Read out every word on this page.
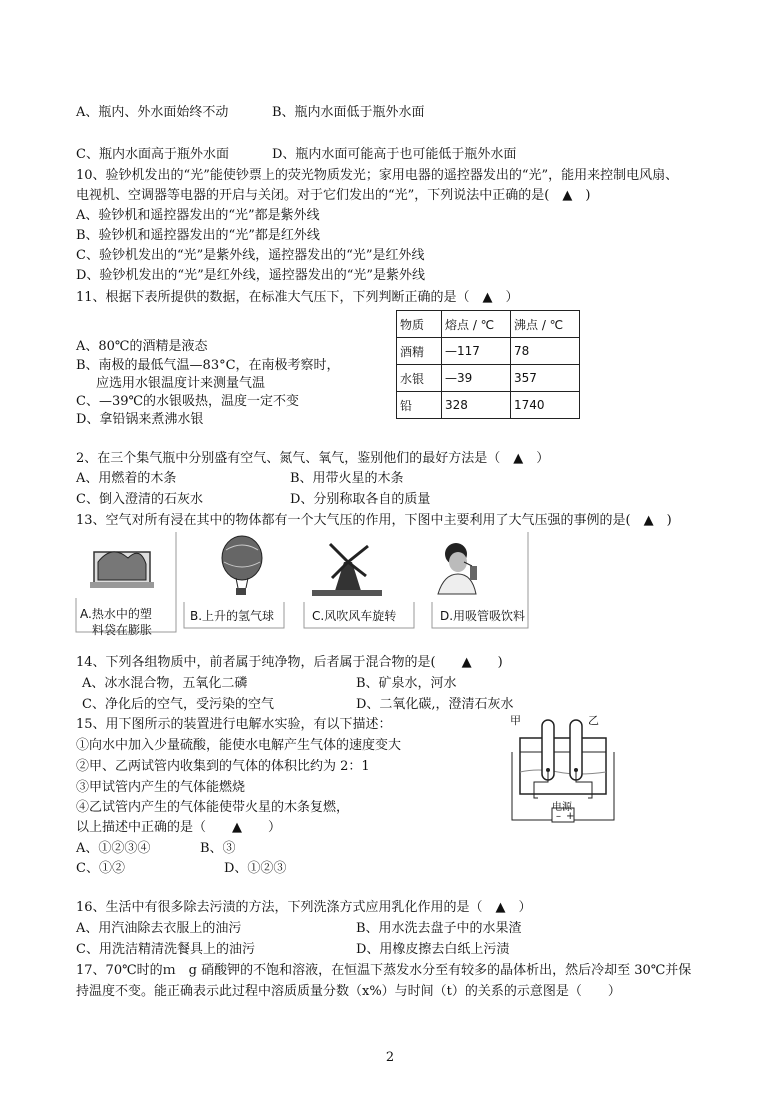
A、瓶内、外水面始终不动	B、瓶内水面低于瓶外水面
C、瓶内水面高于瓶外水面	D、瓶内水面可能高于也可能低于瓶外水面
10、验钞机发出的“光”能使钞票上的荧光物质发光；家用电器的遥控器发出的“光”，能用来控制电风扇、
电视机、空调器等电器的开启与关闭。对于它们发出的“光”，下列说法中正确的是(　▲　)
A、验钞机和遥控器发出的“光”都是紫外线
B、验钞机和遥控器发出的“光”都是红外线
C、验钞机发出的“光”是紫外线，遥控器发出的“光”是红外线
D、验钞机发出的“光”是红外线，遥控器发出的“光”是紫外线
11、根据下表所提供的数据，在标准大气压下，下列判断正确的是（　▲　）
A、80℃的酒精是液态
B、南极的最低气温—83°C，在南极考察时，
应选用水银温度计来测量气温
C、—39℃的水银吸热，温度一定不变
D、拿铅锅来煮沸水银
物质	熔点 / ℃	沸点 / ℃
酒精	—117	78
水银	—39	357
铅	328	1740
2、在三个集气瓶中分别盛有空气、氮气、氧气，鉴别他们的最好方法是（　▲　）
A、用燃着的木条	B、用带火星的木条
C、倒入澄清的石灰水	D、分别称取各自的质量
13、空气对所有浸在其中的物体都有一个大气压的作用，下图中主要利用了大气压强的事例的是(　▲　)
A.热水中的塑
料袋在膨胀
B.上升的氢气球	C.风吹风车旋转	D.用吸管吸饮料
14、下列各组物质中，前者属于纯净物，后者属于混合物的是(　　▲　　)
A、冰水混合物，五氧化二磷	B、矿泉水，河水
C、净化后的空气，受污染的空气	D、二氧化碳,，澄清石灰水
15、用下图所示的装置进行电解水实验，有以下描述：
①向水中加入少量硫酸，能使水电解产生气体的速度变大
②甲、乙两试管内收集到的气体的体积比约为 2：1
③甲试管内产生的气体能燃烧
④乙试管内产生的气体能使带火星的木条复燃，
以上描述中正确的是（　　▲　　）
A、①②③④	B、③
C、①②	D、①②③
甲	乙
电源
– +
16、生活中有很多除去污渍的方法，下列洗涤方式应用乳化作用的是（　▲　）
A、用汽油除去衣服上的油污	B、用水洗去盘子中的水果渣
C、用洗洁精清洗餐具上的油污	D、用橡皮擦去白纸上污渍
17、70℃时的ｍ　g 硝酸钾的不饱和溶液，在恒温下蒸发水分至有较多的晶体析出，然后冷却至 30℃并保
持温度不变。能正确表示此过程中溶质质量分数（x%）与时间（t）的关系的示意图是（　　）
2
